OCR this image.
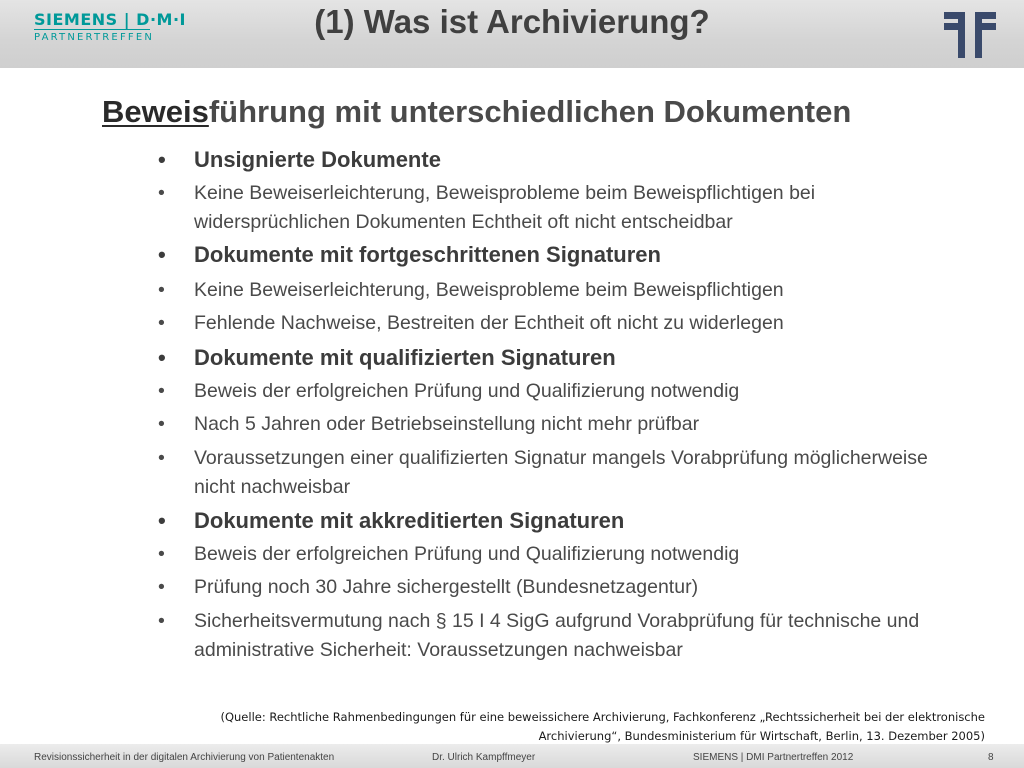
SIEMENS | D·M·I
PARTNERTREFFEN	(1) Was ist Archivierung?
Beweisführung mit unterschiedlichen Dokumenten
• Unsignierte Dokumente
• Keine Beweiserleichterung, Beweisprobleme beim Beweispflichtigen bei widersprüchlichen Dokumenten Echtheit oft nicht entscheidbar
• Dokumente mit fortgeschrittenen Signaturen
• Keine Beweiserleichterung, Beweisprobleme beim Beweispflichtigen
• Fehlende Nachweise, Bestreiten der Echtheit oft nicht zu widerlegen
• Dokumente mit qualifizierten Signaturen
• Beweis der erfolgreichen Prüfung und Qualifizierung notwendig
• Nach 5 Jahren oder Betriebseinstellung nicht mehr prüfbar
• Voraussetzungen einer qualifizierten Signatur mangels Vorabprüfung möglicherweise nicht nachweisbar
• Dokumente mit akkreditierten Signaturen
• Beweis der erfolgreichen Prüfung und Qualifizierung notwendig
• Prüfung noch 30 Jahre sichergestellt (Bundesnetzagentur)
• Sicherheitsvermutung nach § 15 I 4 SigG aufgrund Vorabprüfung für technische und administrative Sicherheit: Voraussetzungen nachweisbar
(Quelle: Rechtliche Rahmenbedingungen für eine beweissichere Archivierung, Fachkonferenz „Rechtssicherheit bei der elektronische
Archivierung“, Bundesministerium für Wirtschaft, Berlin, 13. Dezember 2005)
Revisionssicherheit in der digitalen Archivierung von Patientenakten	Dr. Ulrich Kampffmeyer	SIEMENS | DMI Partnertreffen 2012	8
